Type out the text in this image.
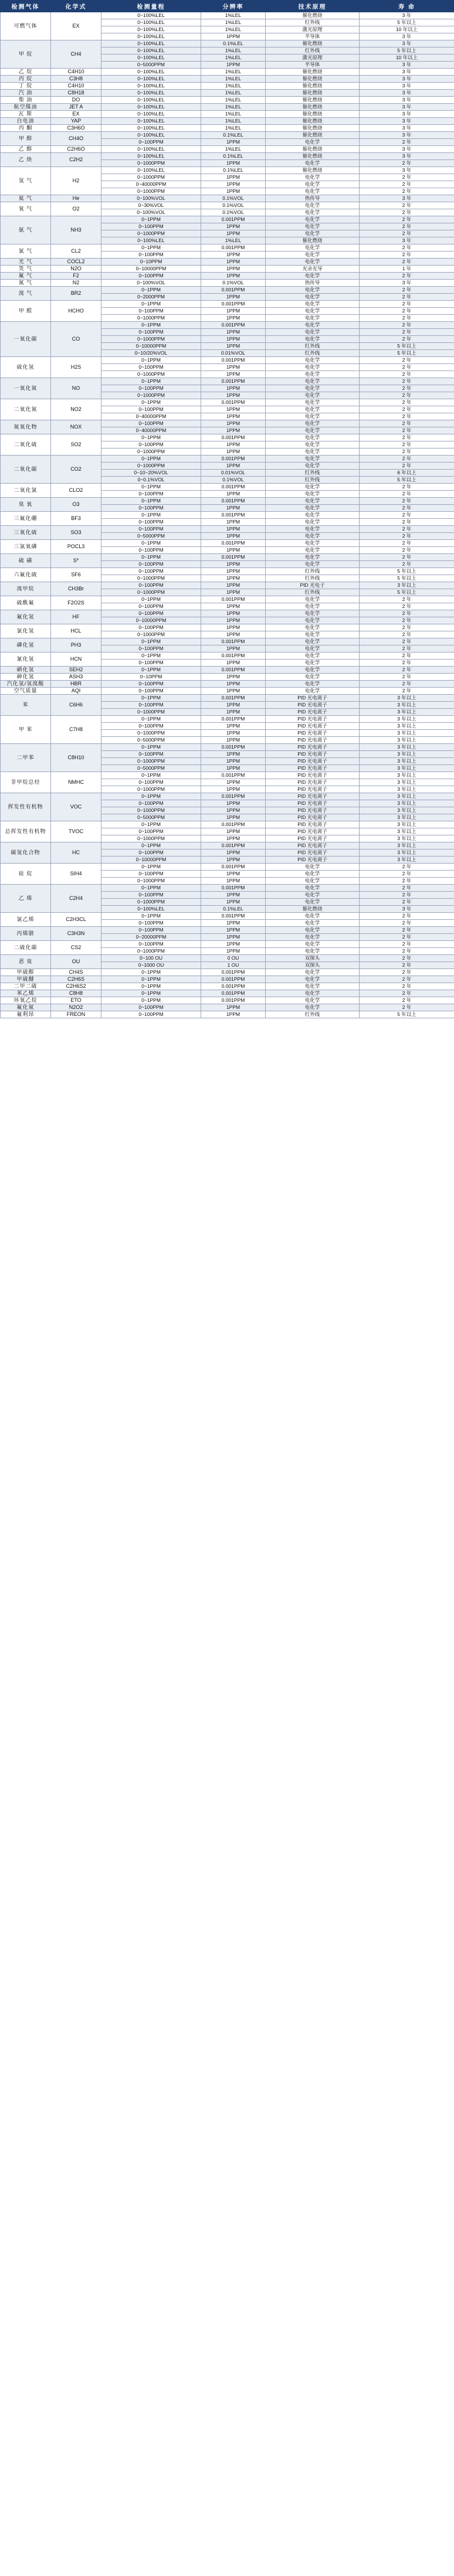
检测气体	化学式	检测量程	分辨率	技术原理	寿 命
可燃气体	EX	0~100%LEL	1%LEL	催化燃烧	3 年
		0~100%LEL	1%LEL	红外线	5 年以上
		0~100%LEL	1%LEL	激光原理	10 年以上
		0~100%LEL	1PPM	半导体	3 年
甲 烷	CH4	0~100%LEL	0.1%LEL	催化燃烧	3 年
		0~100%LEL	1%LEL	红外线	5 年以上
		0~100%LEL	1%LEL	激光原理	10 年以上
		0~5000PPM	1PPM	半导体	3 年
乙 烷	C4H10	0~100%LEL	1%LEL	催化燃烧	3 年
丙 烷	C3H8	0~100%LEL	1%LEL	催化燃烧	3 年
丁 烷	C4H10	0~100%LEL	1%LEL	催化燃烧	3 年
汽 油	C8H18	0~100%LEL	1%LEL	催化燃烧	3 年
柴 油	DO	0~100%LEL	1%LEL	催化燃烧	3 年
航空煤油	JET A	0~100%LEL	1%LEL	催化燃烧	3 年
瓦 斯	EX	0~100%LEL	1%LEL	催化燃烧	3 年
白电油	YAP	0~100%LEL	1%LEL	催化燃烧	3 年
丙 酮	C3H6O	0~100%LEL	1%LEL	催化燃烧	3 年
甲 醇	CH4O	0~100%LEL	0.1%LEL	催化燃烧	3 年
		0~100PPM	1PPM	电化学	2 年
乙 醇	C2H6O	0~100%LEL	1%LEL	催化燃烧	3 年
乙 炔	C2H2	0~100%LEL	0.1%LEL	催化燃烧	3 年
		0~1000PPM	1PPM	电化学	2 年
氢 气	H2	0~100%LEL	0.1%LEL	催化燃烧	3 年
		0~1000PPM	1PPM	电化学	2 年
		0~40000PPM	1PPM	电化学	2 年
		0~1000PPM	1PPM	电化学	2 年
氦 气	He	0~100%VOL	0.1%VOL	热传导	3 年
氧 气	O2	0~30%VOL	0.1%VOL	电化学	2 年
		0~100%VOL	0.1%VOL	电化学	2 年
氨 气	NH3	0~1PPM	0.001PPM	电化学	2 年
		0~100PPM	1PPM	电化学	2 年
		0~1000PPM	1PPM	电化学	2 年
		0~100%LEL	1%LEL	催化燃烧	3 年
氯 气	CL2	0~1PPM	0.001PPM	电化学	2 年
		0~100PPM	1PPM	电化学	2 年
光 气	COCL2	0~10PPM	1PPM	电化学	2 年
笑 气	N2O	0~10000PPM	1PPM	光亲光导	1 年
氟 气	F2	0~100PPM	1PPM	电化学	2 年
氮 气	N2	0~100%VOL	0.1%VOL	热传导	3 年
溴 气	BR2	0~1PPM	0.001PPM	电化学	2 年
		0~2000PPM	1PPM	电化学	2 年
甲 醛	HCHO	0~1PPM	0.001PPM	电化学	2 年
		0~100PPM	1PPM	电化学	2 年
		0~1000PPM	1PPM	电化学	2 年
一氧化碳	CO	0~1PPM	0.001PPM	电化学	2 年
		0~100PPM	1PPM	电化学	2 年
		0~1000PPM	1PPM	电化学	2 年
		0~10000PPM	1PPM	红外线	5 年以上
		0~10/20%VOL	0.01%VOL	红外线	5 年以上
硫化氢	H2S	0~1PPM	0.001PPM	电化学	2 年
		0~100PPM	1PPM	电化学	2 年
		0~1000PPM	1PPM	电化学	2 年
一氧化氮	NO	0~1PPM	0.001PPM	电化学	2 年
		0~100PPM	1PPM	电化学	2 年
		0~1000PPM	1PPM	电化学	2 年
二氧化氮	NO2	0~1PPM	0.001PPM	电化学	2 年
		0~100PPM	1PPM	电化学	2 年
		0~40000PPM	1PPM	电化学	2 年
氮氧化物	NOX	0~100PPM	1PPM	电化学	2 年
		0~40000PPM	1PPM	电化学	2 年
二氧化硫	SO2	0~1PPM	0.001PPM	电化学	2 年
		0~100PPM	1PPM	电化学	2 年
		0~1000PPM	1PPM	电化学	2 年
二氧化碳	CO2	0~1PPM	0.001PPM	电化学	2 年
		0~1000PPM	1PPM	电化学	2 年
		0~10~20%VOL	0.01%VOL	红外线	6 年以上
		0~0.1%VOL	0.1%VOL	红外线	5 年以上
二氧化氯	CLO2	0~1PPM	0.001PPM	电化学	2 年
		0~100PPM	1PPM	电化学	2 年
臭 氧	O3	0~1PPM	0.001PPM	电化学	2 年
		0~100PPM	1PPM	电化学	2 年
三氟化硼	BF3	0~1PPM	0.001PPM	电化学	2 年
		0~100PPM	1PPM	电化学	2 年
三氧化硫	SO3	0~100PPM	1PPM	电化学	2 年
		0~5000PPM	1PPM	电化学	2 年
三氯氧磷	POCL3	0~1PPM	0.001PPM	电化学	2 年
		0~100PPM	1PPM	电化学	2 年
硫 磺	S*	0~1PPM	0.001PPM	电化学	2 年
		0~100PPM	1PPM	电化学	2 年
六氟化硫	SF6	0~100PPM	1PPM	红外线	5 年以上
		0~1000PPM	1PPM	红外线	5 年以上
溴甲烷	CH3Br	0~100PPM	1PPM	PID 光电子	3 年以上
		0~1000PPM	1PPM	红外线	5 年以上
硫酰氟	F2O2S	0~1PPM	0.001PPM	电化学	2 年
		0~100PPM	1PPM	电化学	2 年
氟化氢	HF	0~100PPM	1PPM	电化学	2 年
		0~10000PPM	1PPM	电化学	2 年
氯化氢	HCL	0~100PPM	1PPM	电化学	2 年
		0~1000PPM	1PPM	电化学	2 年
磷化氢	PH3	0~1PPM	0.001PPM	电化学	2 年
		0~100PPM	1PPM	电化学	2 年
氰化氢	HCN	0~1PPM	0.001PPM	电化学	2 年
		0~100PPM	1PPM	电化学	2 年
硒化氢	SEH2	0~1PPM	0.001PPM	电化学	2 年
砷化氢	ASH3	0~10PPM	1PPM	电化学	2 年
汽化氢/氢溴酸	HBR	0~100PPM	1PPM	电化学	2 年
空气质量	AQI	0~100PPM	1PPM	电化学	2 年
苯	C6H6	0~1PPM	0.001PPM	PID 光电离子	3 年以上
		0~100PPM	1PPM	PID 光电离子	3 年以上
		0~1000PPM	1PPM	PID 光电离子	3 年以上
甲 苯	C7H8	0~1PPM	0.001PPM	PID 光电离子	3 年以上
		0~100PPM	1PPM	PID 光电离子	3 年以上
		0~1000PPM	1PPM	PID 光电离子	3 年以上
		0~5000PPM	1PPM	PID 光电离子	3 年以上
二甲苯	C8H10	0~1PPM	0.001PPM	PID 光电离子	3 年以上
		0~100PPM	1PPM	PID 光电离子	3 年以上
		0~1000PPM	1PPM	PID 光电离子	3 年以上
		0~5000PPM	1PPM	PID 光电离子	3 年以上
非甲烷总烃	NMHC	0~1PPM	0.001PPM	PID 光电离子	3 年以上
		0~100PPM	1PPM	PID 光电离子	3 年以上
		0~1000PPM	1PPM	PID 光电离子	3 年以上
挥发性有机物	VOC	0~1PPM	0.001PPM	PID 光电离子	3 年以上
		0~100PPM	1PPM	PID 光电离子	3 年以上
		0~1000PPM	1PPM	PID 光电离子	3 年以上
		0~5000PPM	1PPM	PID 光电离子	3 年以上
总挥发性有机物	TVOC	0~1PPM	0.001PPM	PID 光电离子	3 年以上
		0~100PPM	1PPM	PID 光电离子	3 年以上
		0~1000PPM	1PPM	PID 光电离子	3 年以上
碳氢化合物	HC	0~1PPM	0.001PPM	PID 光电离子	3 年以上
		0~100PPM	1PPM	PID 光电离子	3 年以上
		0~10000PPM	1PPM	PID 光电离子	3 年以上
硅 烷	SIH4	0~1PPM	0.001PPM	电化学	2 年
		0~100PPM	1PPM	电化学	2 年
		0~1000PPM	1PPM	电化学	2 年
乙 烯	C2H4	0~1PPM	0.001PPM	电化学	2 年
		0~100PPM	1PPM	电化学	2 年
		0~1000PPM	1PPM	电化学	2 年
		0~100%LEL	0.1%LEL	催化燃烧	3 年
氯乙烯	C2H3CL	0~1PPM	0.001PPM	电化学	2 年
		0~100PPM	1PPM	电化学	2 年
丙烯腈	C3H3N	0~100PPM	1PPM	电化学	2 年
		0~20000PPM	1PPM	电化学	2 年
二硫化碳	CS2	0~100PPM	1PPM	电化学	2 年
		0~1000PPM	1PPM	电化学	2 年
恶 臭	OU	0~100 OU	0 OU	双探头	2 年
		0~1000 OU	1 OU	双探头	2 年
甲硫醇	CH4S	0~1PPM	0.001PPM	电化学	2 年
甲硫醚	C2H6S	0~1PPM	0.001PPM	电化学	2 年
二甲二硫	C2H6S2	0~1PPM	0.001PPM	电化学	2 年
苯乙烯	C8H8	0~1PPM	0.001PPM	电化学	2 年
环氧乙烷	ETO	0~1PPM	0.001PPM	电化学	2 年
氟化氮	N2O2	0~100PPM	1PPM	电化学	2 年
氟利昂	FREON	0~100PPM	1PPM	红外线	5 年以上
